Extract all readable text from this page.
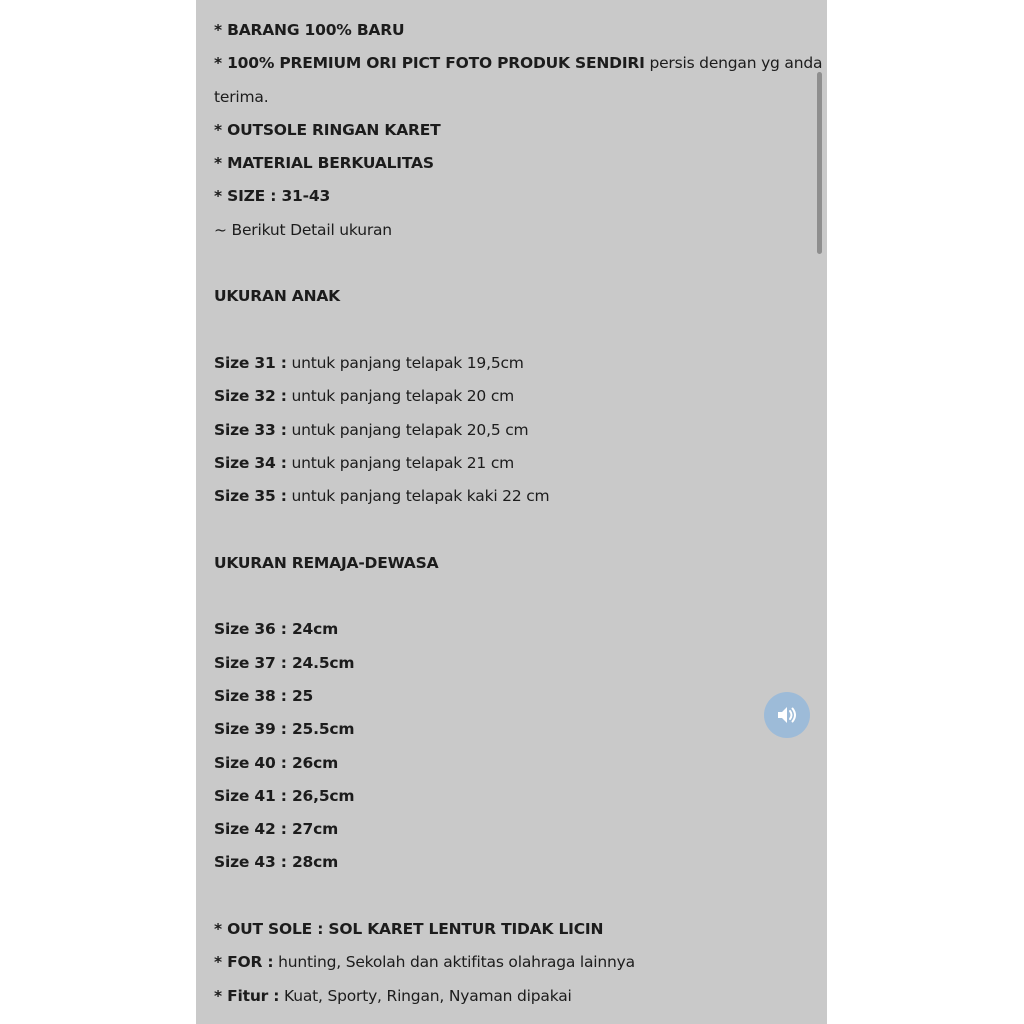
* BARANG 100% BARU
* 100% PREMIUM ORI PICT FOTO PRODUK SENDIRI persis dengan yg anda
terima.
* OUTSOLE RINGAN KARET
* MATERIAL BERKUALITAS
* SIZE : 31-43
~ Berikut Detail ukuran
UKURAN ANAK
Size 31 : untuk panjang telapak 19,5cm
Size 32 : untuk panjang telapak 20 cm
Size 33 : untuk panjang telapak 20,5 cm
Size 34 : untuk panjang telapak 21 cm
Size 35 : untuk panjang telapak kaki 22 cm
UKURAN REMAJA-DEWASA
Size 36 : 24cm
Size 37 : 24.5cm
Size 38 : 25
Size 39 : 25.5cm
Size 40 : 26cm
Size 41 : 26,5cm
Size 42 : 27cm
Size 43 : 28cm
* OUT SOLE : SOL KARET LENTUR TIDAK LICIN
* FOR : hunting, Sekolah dan aktifitas olahraga lainnya
* Fitur : Kuat, Sporty, Ringan, Nyaman dipakai
